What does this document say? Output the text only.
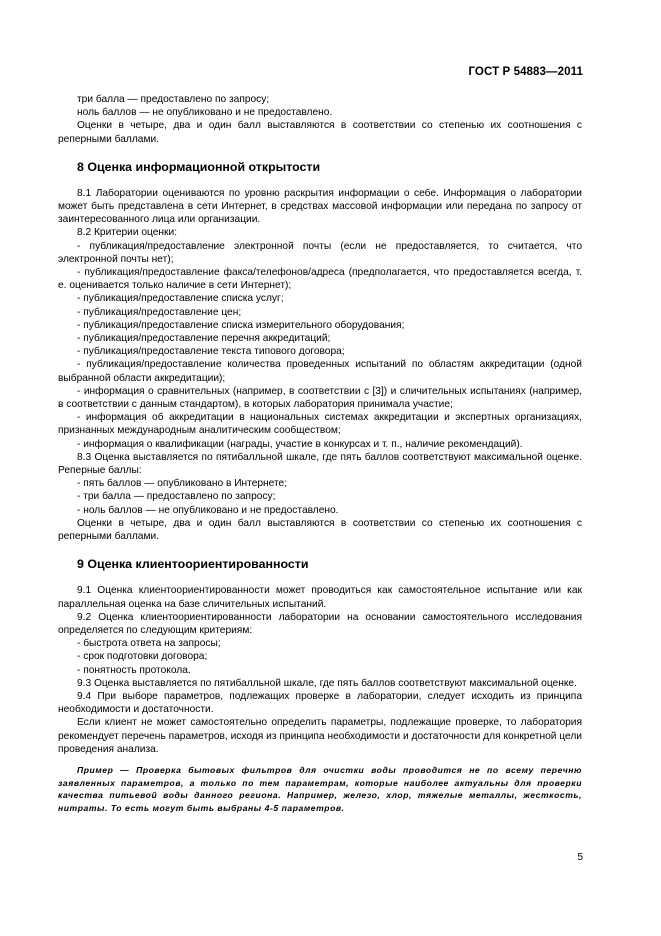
ГОСТ Р 54883—2011

три балла — предоставлено по запросу;

ноль баллов — не опубликовано и не предоставлено.

Оценки в четыре, два и один балл выставляются в соответствии со степенью их соотношения с реперными баллами.

8 Оценка информационной открытости

8.1 Лаборатории оцениваются по уровню раскрытия информации о себе. Информация о лаборатории может быть представлена в сети Интернет, в средствах массовой информации или передана по запросу от заинтересованного лица или организации.

8.2 Критерии оценки:

- публикация/предоставление электронной почты (если не предоставляется, то считается, что электронной почты нет);

- публикация/предоставление факса/телефонов/адреса (предполагается, что предоставляется всегда, т. е. оценивается только наличие в сети Интернет);

- публикация/предоставление списка услуг;

- публикация/предоставление цен;

- публикация/предоставление списка измерительного оборудования;

- публикация/предоставление перечня аккредитаций;

- публикация/предоставление текста типового договора;

- публикация/предоставление количества проведенных испытаний по областям аккредитации (одной выбранной области аккредитации);

- информация о сравнительных (например, в соответствии с [3]) и сличительных испытаниях (например, в соответствии с данным стандартом), в которых лаборатория принимала участие;

- информация об аккредитации в национальных системах аккредитации и экспертных организациях, признанных международным аналитическим сообществом;

- информация о квалификации (награды, участие в конкурсах и т. п., наличие рекомендаций).

8.3 Оценка выставляется по пятибалльной шкале, где пять баллов соответствуют максимальной оценке. Реперные баллы:

- пять баллов — опубликовано в Интернете;

- три балла — предоставлено по запросу;

- ноль баллов — не опубликовано и не предоставлено.

Оценки в четыре, два и один балл выставляются в соответствии со степенью их соотношения с реперными баллами.

9 Оценка клиентоориентированности

9.1 Оценка клиентоориентированности может проводиться как самостоятельное испытание или как параллельная оценка на базе сличительных испытаний.

9.2 Оценка клиентоориентированности лаборатории на основании самостоятельного исследования определяется по следующим критериям:

- быстрота ответа на запросы;

- срок подготовки договора;

- понятность протокола.

9.3 Оценка выставляется по пятибалльной шкале, где пять баллов соответствуют максимальной оценке.

9.4 При выборе параметров, подлежащих проверке в лаборатории, следует исходить из принципа необходимости и достаточности.

Если клиент не может самостоятельно определить параметры, подлежащие проверке, то лаборатория рекомендует перечень параметров, исходя из принципа необходимости и достаточности для конкретной цели проведения анализа.

Пример — Проверка бытовых фильтров для очистки воды проводится не по всему перечню заявленных параметров, а только по тем параметрам, которые наиболее актуальны для проверки качества питьевой воды данного региона. Например, железо, хлор, тяжелые металлы, жесткость, нитраты. То есть могут быть выбраны 4-5 параметров.

5
